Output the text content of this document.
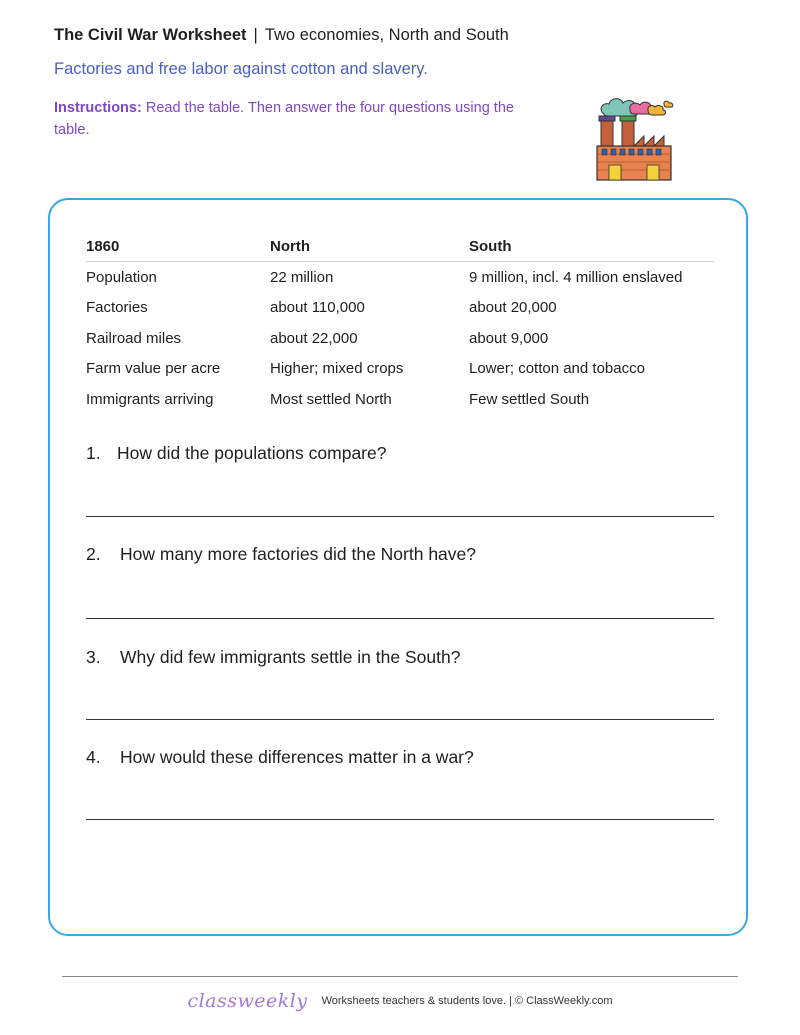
The Civil War Worksheet | Two economies, North and South
Factories and free labor against cotton and slavery.
Instructions: Read the table. Then answer the four questions using the table.
1860	North	South
Population	22 million	9 million, incl. 4 million enslaved
Factories	about 110,000	about 20,000
Railroad miles	about 22,000	about 9,000
Farm value per acre	Higher; mixed crops	Lower; cotton and tobacco
Immigrants arriving	Most settled North	Few settled South
1. How did the populations compare?
2. How many more factories did the North have?
3. Why did few immigrants settle in the South?
4. How would these differences matter in a war?
classweekly Worksheets teachers & students love. | © ClassWeekly.com
